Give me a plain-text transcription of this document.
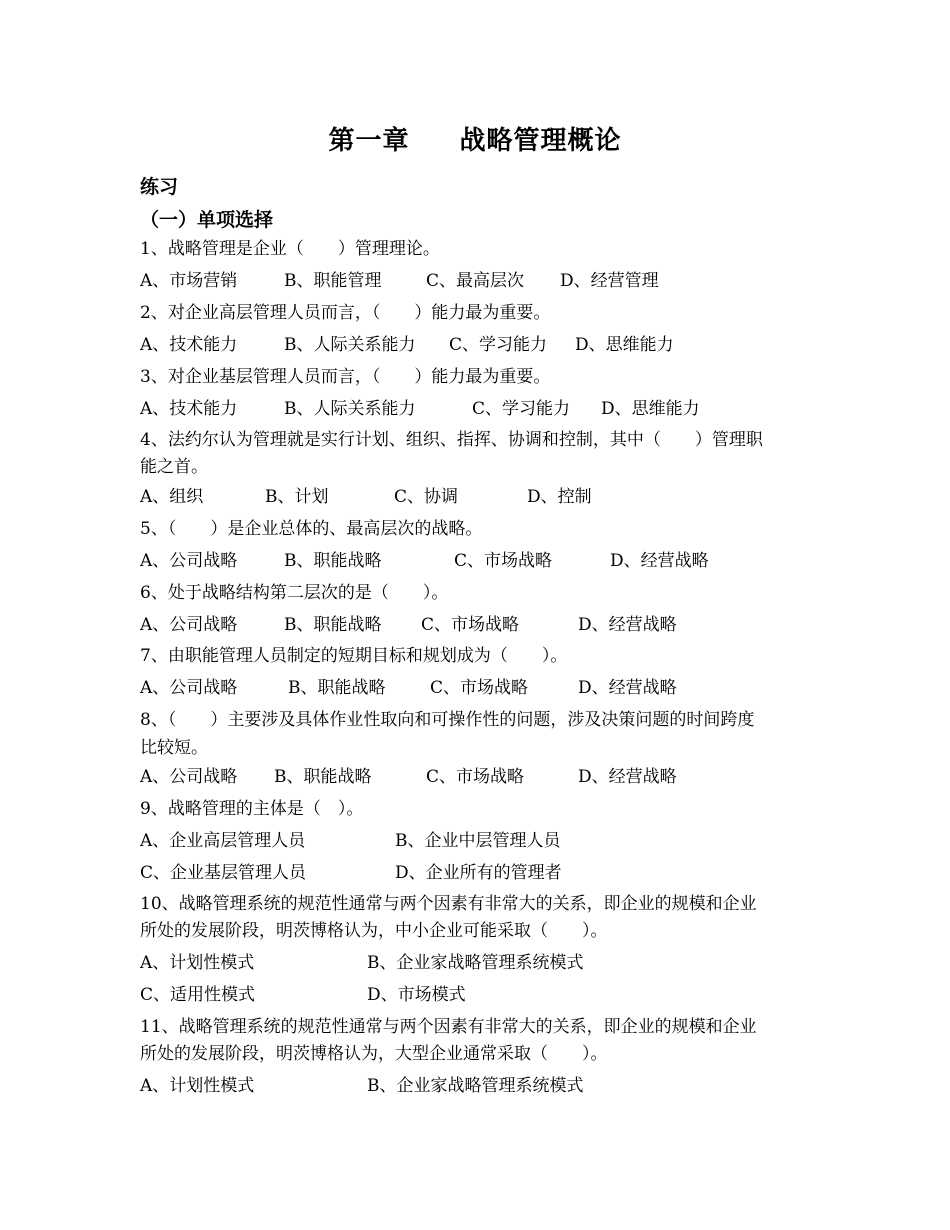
第一章 战略管理概论
练习
（一）单项选择
1、战略管理是企业（　　）管理理论。
A、市场营销	B、职能管理	C、最高层次 D、经营管理
2、对企业高层管理人员而言，（　　）能力最为重要。
A、技术能力	B、人际关系能力 C、学习能力 D、思维能力
3、对企业基层管理人员而言，（　　）能力最为重要。
A、技术能力	B、人际关系能力	C、学习能力 D、思维能力
4、法约尔认为管理就是实行计划、组织、指挥、协调和控制，其中（　　）管理职
能之首。
A、组织	B、计划	C、协调	D、控制
5、（　　）是企业总体的、最高层次的战略。
A、公司战略	B、职能战略	C、市场战略	D、经营战略
6、处于战略结构第二层次的是（　　）。
A、公司战略	B、职能战略 C、市场战略	D、经营战略
7、由职能管理人员制定的短期目标和规划成为（　　）。
A、公司战略	B、职能战略	C、市场战略	D、经营战略
8、（　　）主要涉及具体作业性取向和可操作性的问题，涉及决策问题的时间跨度
比较短。
A、公司战略 B、职能战略	C、市场战略	D、经营战略
9、战略管理的主体是（　）。
A、企业高层管理人员	B、企业中层管理人员
C、企业基层管理人员	D、企业所有的管理者
10、战略管理系统的规范性通常与两个因素有非常大的关系，即企业的规模和企业
所处的发展阶段，明茨博格认为，中小企业可能采取（　　）。
A、计划性模式	B、企业家战略管理系统模式
C、适用性模式	D、市场模式
11、战略管理系统的规范性通常与两个因素有非常大的关系，即企业的规模和企业
所处的发展阶段，明茨博格认为，大型企业通常采取（　　）。
A、计划性模式	B、企业家战略管理系统模式
